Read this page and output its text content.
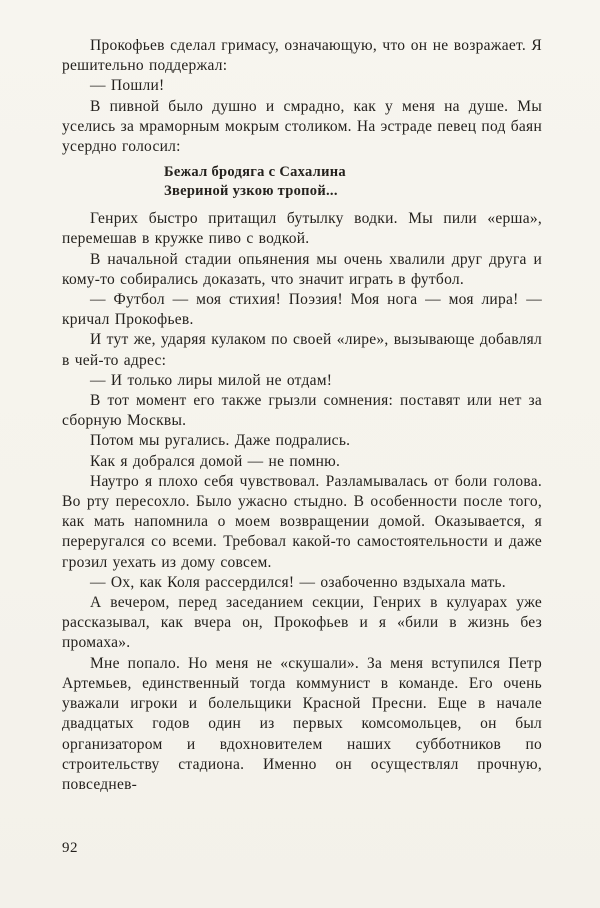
Прокофьев сделал гримасу, означающую, что он не возражает. Я решительно поддержал:

— Пошли!

В пивной было душно и смрадно, как у меня на душе. Мы уселись за мраморным мокрым столиком. На эстраде певец под баян усердно голосил:

Бежал бродяга с Сахалина
Звериной узкою тропой...

Генрих быстро притащил бутылку водки. Мы пили «ерша», перемешав в кружке пиво с водкой.

В начальной стадии опьянения мы очень хвалили друг друга и кому-то собирались доказать, что значит играть в футбол.

— Футбол — моя стихия! Поэзия! Моя нога — моя лира! — кричал Прокофьев.

И тут же, ударяя кулаком по своей «лире», вызывающе добавлял в чей-то адрес:

— И только лиры милой не отдам!

В тот момент его также грызли сомнения: поставят или нет за сборную Москвы.

Потом мы ругались. Даже подрались.

Как я добрался домой — не помню.

Наутро я плохо себя чувствовал. Разламывалась от боли голова. Во рту пересохло. Было ужасно стыдно. В особенности после того, как мать напомнила о моем возвращении домой. Оказывается, я переругался со всеми. Требовал какой-то самостоятельности и даже грозил уехать из дому совсем.

— Ох, как Коля рассердился! — озабоченно вздыхала мать.

А вечером, перед заседанием секции, Генрих в кулуарах уже рассказывал, как вчера он, Прокофьев и я «били в жизнь без промаха».

Мне попало. Но меня не «скушали». За меня вступился Петр Артемьев, единственный тогда коммунист в команде. Его очень уважали игроки и болельщики Красной Пресни. Еще в начале двадцатых годов один из первых комсомольцев, он был организатором и вдохновителем наших субботников по строительству стадиона. Именно он осуществлял прочную, повседнев-

92
